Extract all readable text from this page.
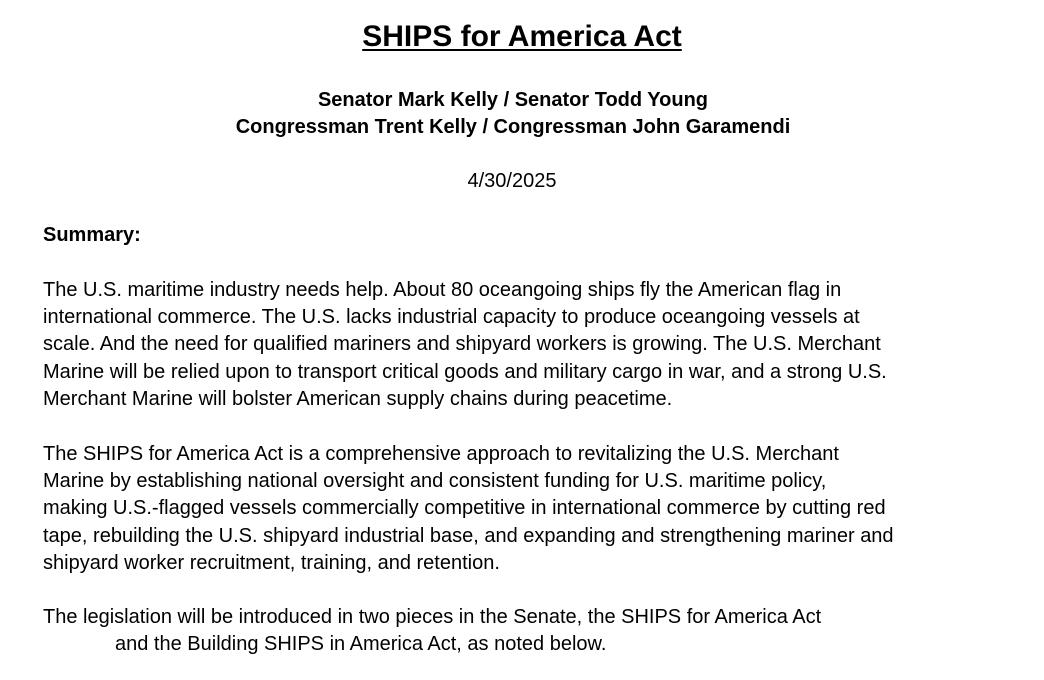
SHIPS for America Act
Senator Mark Kelly / Senator Todd Young
Congressman Trent Kelly / Congressman John Garamendi
4/30/2025
Summary:

The U.S. maritime industry needs help. About 80 oceangoing ships fly the American flag in
international commerce. The U.S. lacks industrial capacity to produce oceangoing vessels at
scale. And the need for qualified mariners and shipyard workers is growing. The U.S. Merchant
Marine will be relied upon to transport critical goods and military cargo in war, and a strong U.S.
Merchant Marine will bolster American supply chains during peacetime.

The SHIPS for America Act is a comprehensive approach to revitalizing the U.S. Merchant
Marine by establishing national oversight and consistent funding for U.S. maritime policy,
making U.S.-flagged vessels commercially competitive in international commerce by cutting red
tape, rebuilding the U.S. shipyard industrial base, and expanding and strengthening mariner and
shipyard worker recruitment, training, and retention.

The legislation will be introduced in two pieces in the Senate, the SHIPS for America Act
and the Building SHIPS in America Act, as noted below.
